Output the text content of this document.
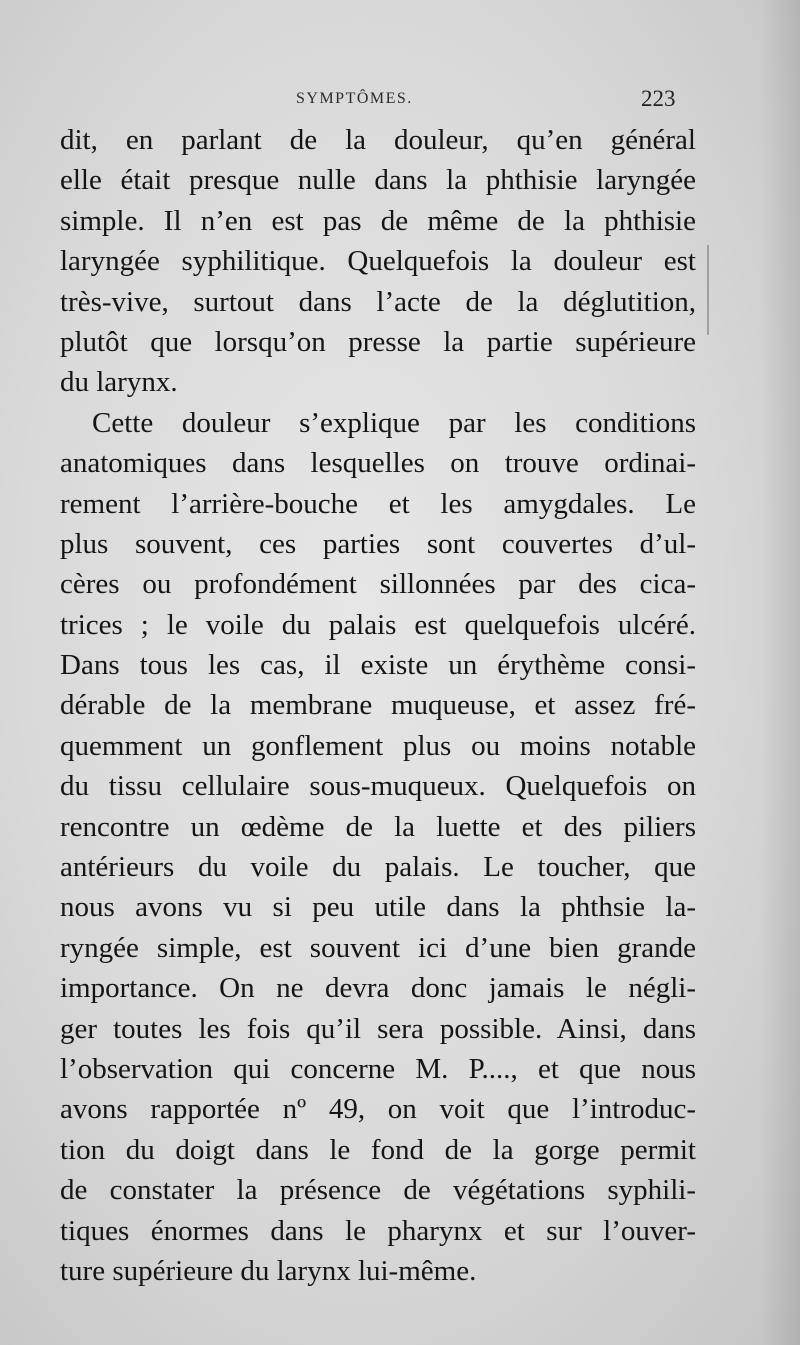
SYMPTÔMES.	223
dit, en parlant de la douleur, qu’en général
elle était presque nulle dans la phthisie laryngée
simple. Il n’en est pas de même de la phthisie
laryngée syphilitique. Quelquefois la douleur est
très-vive, surtout dans l’acte de la déglutition,
plutôt que lorsqu’on presse la partie supérieure
du larynx.
Cette douleur s’explique par les conditions
anatomiques dans lesquelles on trouve ordinai-
rement l’arrière-bouche et les amygdales. Le
plus souvent, ces parties sont couvertes d’ul-
cères ou profondément sillonnées par des cica-
trices ; le voile du palais est quelquefois ulcéré.
Dans tous les cas, il existe un érythème consi-
dérable de la membrane muqueuse, et assez fré-
quemment un gonflement plus ou moins notable
du tissu cellulaire sous-muqueux. Quelquefois on
rencontre un œdème de la luette et des piliers
antérieurs du voile du palais. Le toucher, que
nous avons vu si peu utile dans la phthsie la-
ryngée simple, est souvent ici d’une bien grande
importance. On ne devra donc jamais le négli-
ger toutes les fois qu’il sera possible. Ainsi, dans
l’observation qui concerne M. P...., et que nous
avons rapportée nº 49, on voit que l’introduc-
tion du doigt dans le fond de la gorge permit
de constater la présence de végétations syphili-
tiques énormes dans le pharynx et sur l’ouver-
ture supérieure du larynx lui-même.
